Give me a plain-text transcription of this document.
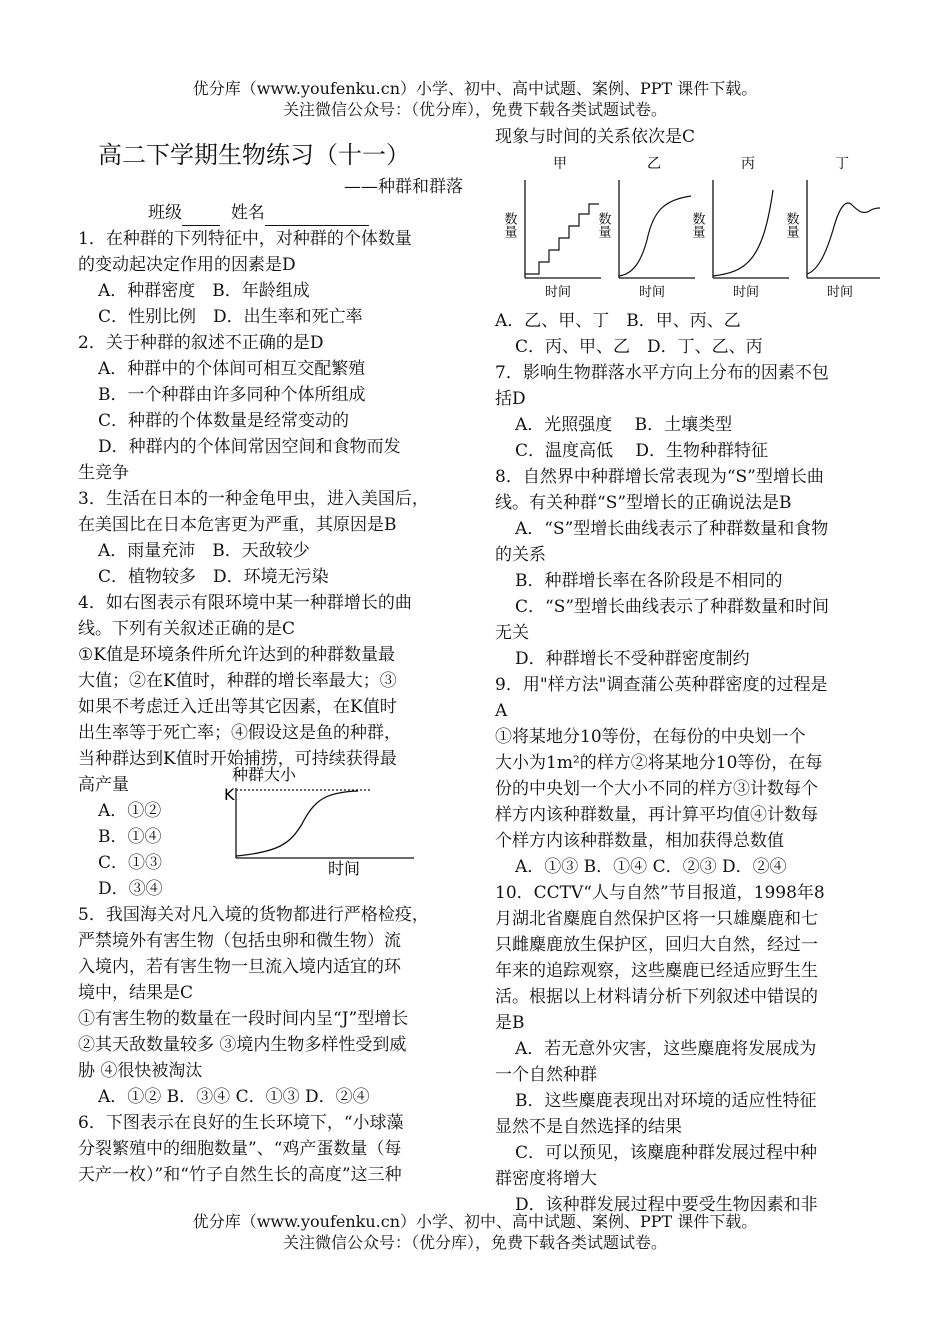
优分库（www.youfenku.cn）小学、初中、高中试题、案例、PPT 课件下载。
关注微信公众号：（优分库），免费下载各类试题试卷。

高二下学期生物练习（十一）

——种群和群落

班级	姓名

1．在种群的下列特征中，对种群的个体数量

的变动起决定作用的因素是D

A．种群密度　B．年龄组成

C．性别比例　D．出生率和死亡率

2．关于种群的叙述不正确的是D

A．种群中的个体间可相互交配繁殖

B．一个种群由许多同种个体所组成

C．种群的个体数量是经常变动的

D．种群内的个体间常因空间和食物而发

生竞争

3．生活在日本的一种金龟甲虫，进入美国后，

在美国比在日本危害更为严重，其原因是B

A．雨量充沛　B．天敌较少

C．植物较多　D．环境无污染

4．如右图表示有限环境中某一种群增长的曲

线。下列有关叙述正确的是C

①K值是环境条件所允许达到的种群数量最

大值；②在K值时，种群的增长率最大；③

如果不考虑迁入迁出等其它因素，在K值时

出生率等于死亡率；④假设这是鱼的种群，

当种群达到K值时开始捕捞，可持续获得最

高产量

A．①②

B．①④

C．①③

种群大小
K
时间

D．③④

5．我国海关对凡入境的货物都进行严格检疫，

严禁境外有害生物（包括虫卵和微生物）流

入境内，若有害生物一旦流入境内适宜的环

境中，结果是C

①有害生物的数量在一段时间内呈“J”型增长

②其天敌数量较多 ③境内生物多样性受到威

胁 ④很快被淘汰

A．①② B．③④ C．①③ D．②④

6．下图表示在良好的生长环境下，“小球藻

分裂繁殖中的细胞数量”、“鸡产蛋数量（每

天产一枚）”和“竹子自然生长的高度”这三种

现象与时间的关系依次是C

甲
数量
时间
乙
数量
时间
丙
数量
时间
丁
数量
时间

A．乙、甲、丁　B．甲、丙、乙

C．丙、甲、乙　D．丁、乙、丙

7．影响生物群落水平方向上分布的因素不包

括D

A．光照强度　 B．土壤类型

C．温度高低　 D．生物种群特征

8．自然界中种群增长常表现为“S”型增长曲

线。有关种群“S”型增长的正确说法是B

A．“S”型增长曲线表示了种群数量和食物

的关系

B．种群增长率在各阶段是不相同的

C．“S”型增长曲线表示了种群数量和时间

无关

D．种群增长不受种群密度制约

9．用"样方法"调查蒲公英种群密度的过程是

A

①将某地分10等份，在每份的中央划一个

大小为1m²的样方②将某地分10等份，在每

份的中央划一个大小不同的样方③计数每个

样方内该种群数量，再计算平均值④计数每

个样方内该种群数量，相加获得总数值

A．①③ B．①④ C．②③ D．②④

10．CCTV“人与自然”节目报道，1998年8

月湖北省麋鹿自然保护区将一只雄麋鹿和七

只雌麋鹿放生保护区，回归大自然，经过一

年来的追踪观察，这些麋鹿已经适应野生生

活。根据以上材料请分析下列叙述中错误的

是B

A．若无意外灾害，这些麋鹿将发展成为

一个自然种群

B．这些麋鹿表现出对环境的适应性特征

显然不是自然选择的结果

C．可以预见，该麋鹿种群发展过程中种

群密度将增大

D．该种群发展过程中要受生物因素和非

优分库（www.youfenku.cn）小学、初中、高中试题、案例、PPT 课件下载。
关注微信公众号：（优分库），免费下载各类试题试卷。
